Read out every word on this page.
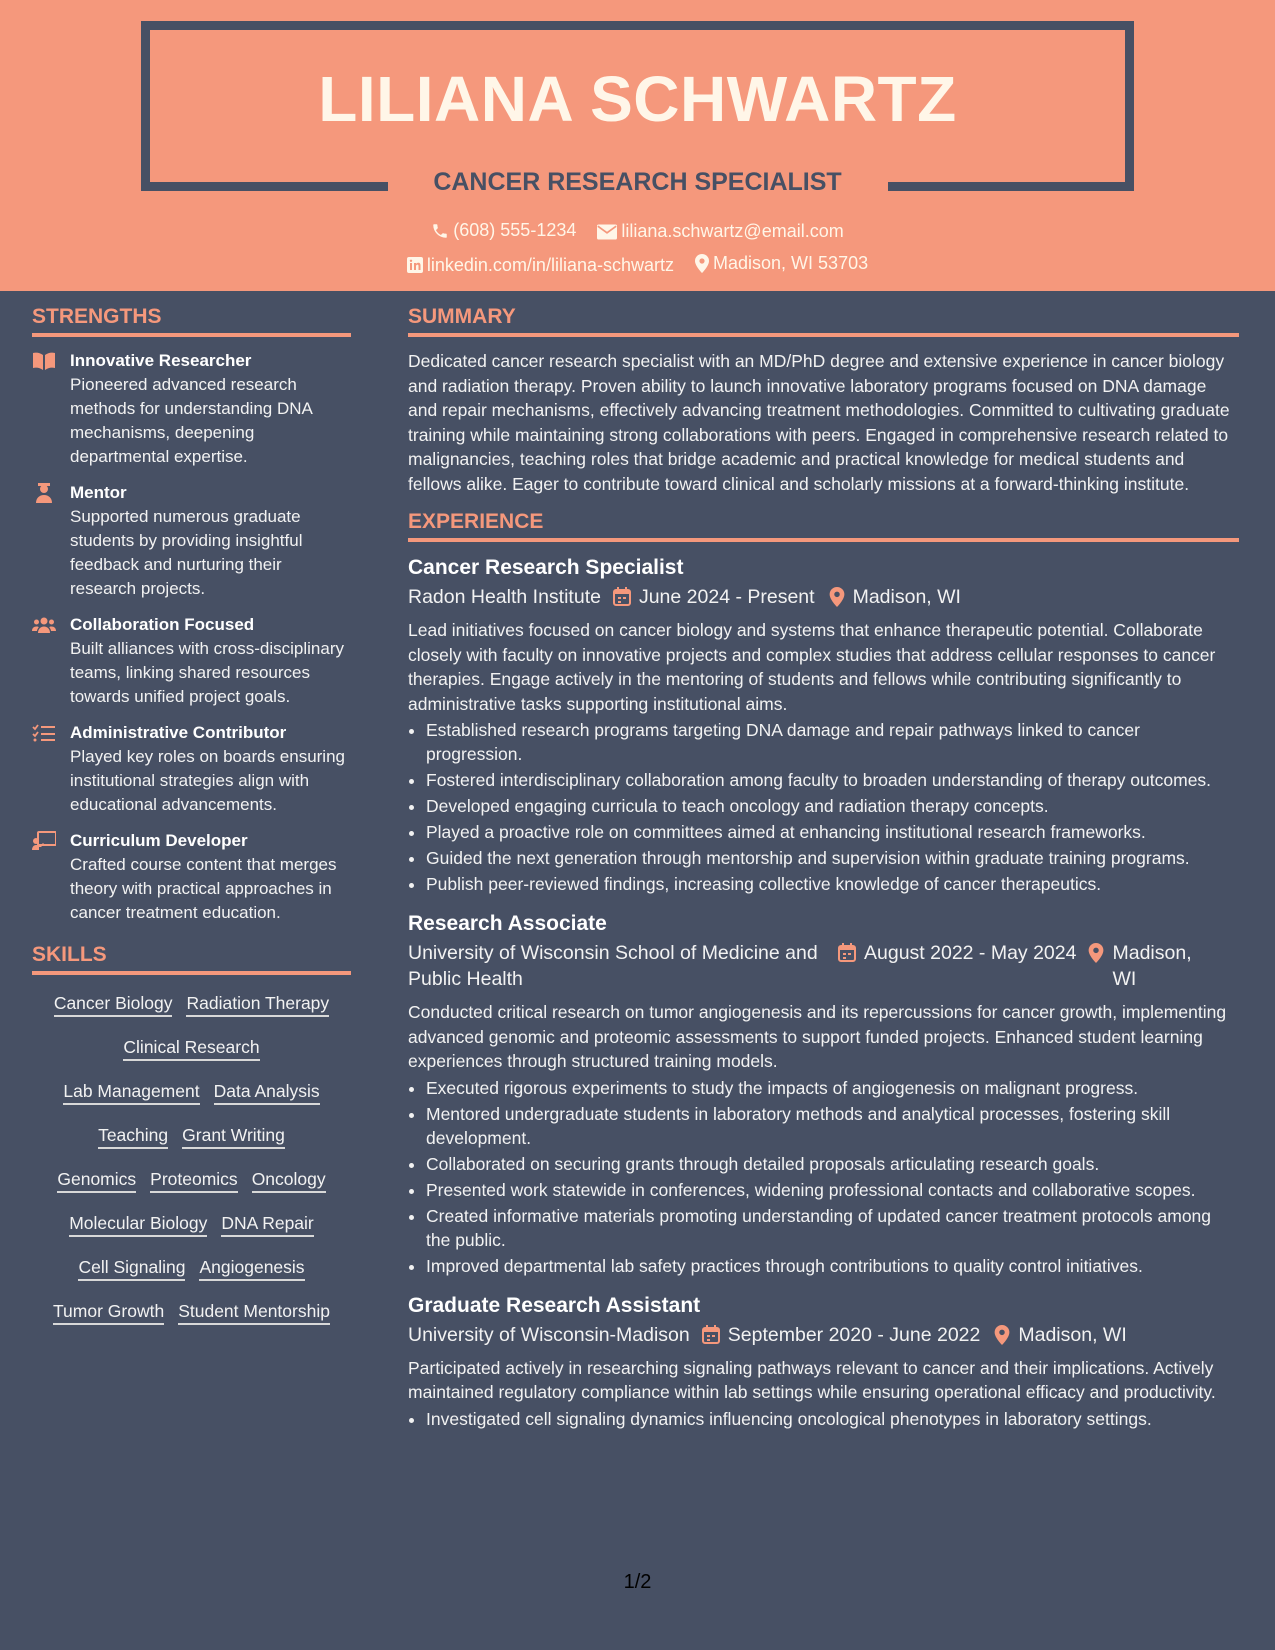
LILIANA SCHWARTZ
CANCER RESEARCH SPECIALIST
(608) 555-1234
	liliana.schwartz@email.com
linkedin.com/in/liliana-schwartz
Madison, WI 53703
STRENGTHS
Innovative Researcher
Pioneered advanced research methods for understanding DNA mechanisms, deepening departmental expertise.
Mentor
Supported numerous graduate students by providing insightful feedback and nurturing their research projects.
Collaboration Focused
Built alliances with cross-disciplinary teams, linking shared resources towards unified project goals.
Administrative Contributor
Played key roles on boards ensuring institutional strategies align with educational advancements.
Curriculum Developer
Crafted course content that merges theory with practical approaches in cancer treatment education.
SKILLS
Cancer Biology Radiation Therapy
Clinical Research
Lab Management Data Analysis
Teaching Grant Writing
Genomics Proteomics Oncology
Molecular Biology DNA Repair
Cell Signaling Angiogenesis
Tumor Growth Student Mentorship
SUMMARY
Dedicated cancer research specialist with an MD/PhD degree and extensive experience in cancer biology and radiation therapy. Proven ability to launch innovative laboratory programs focused on DNA damage and repair mechanisms, effectively advancing treatment methodologies. Committed to cultivating graduate training while maintaining strong collaborations with peers. Engaged in comprehensive research related to malignancies, teaching roles that bridge academic and practical knowledge for medical students and fellows alike. Eager to contribute toward clinical and scholarly missions at a forward-thinking institute.
EXPERIENCE
Cancer Research Specialist
Radon Health Institute June 2024 - Present Madison, WI
Lead initiatives focused on cancer biology and systems that enhance therapeutic potential. Collaborate closely with faculty on innovative projects and complex studies that address cellular responses to cancer therapies. Engage actively in the mentoring of students and fellows while contributing significantly to administrative tasks supporting institutional aims.
• Established research programs targeting DNA damage and repair pathways linked to cancer progression.
• Fostered interdisciplinary collaboration among faculty to broaden understanding of therapy outcomes.
• Developed engaging curricula to teach oncology and radiation therapy concepts.
• Played a proactive role on committees aimed at enhancing institutional research frameworks.
• Guided the next generation through mentorship and supervision within graduate training programs.
• Publish peer-reviewed findings, increasing collective knowledge of cancer therapeutics.
Research Associate
University of Wisconsin School of Medicine and Public Health
August 2022 - May 2024 Madison, WI
Conducted critical research on tumor angiogenesis and its repercussions for cancer growth, implementing advanced genomic and proteomic assessments to support funded projects. Enhanced student learning experiences through structured training models.
• Executed rigorous experiments to study the impacts of angiogenesis on malignant progress.
• Mentored undergraduate students in laboratory methods and analytical processes, fostering skill development.
• Collaborated on securing grants through detailed proposals articulating research goals.
• Presented work statewide in conferences, widening professional contacts and collaborative scopes.
• Created informative materials promoting understanding of updated cancer treatment protocols among the public.
• Improved departmental lab safety practices through contributions to quality control initiatives.
Graduate Research Assistant
University of Wisconsin-Madison September 2020 - June 2022 Madison, WI
Participated actively in researching signaling pathways relevant to cancer and their implications. Actively maintained regulatory compliance within lab settings while ensuring operational efficacy and productivity.
• Investigated cell signaling dynamics influencing oncological phenotypes in laboratory settings.
1/2
